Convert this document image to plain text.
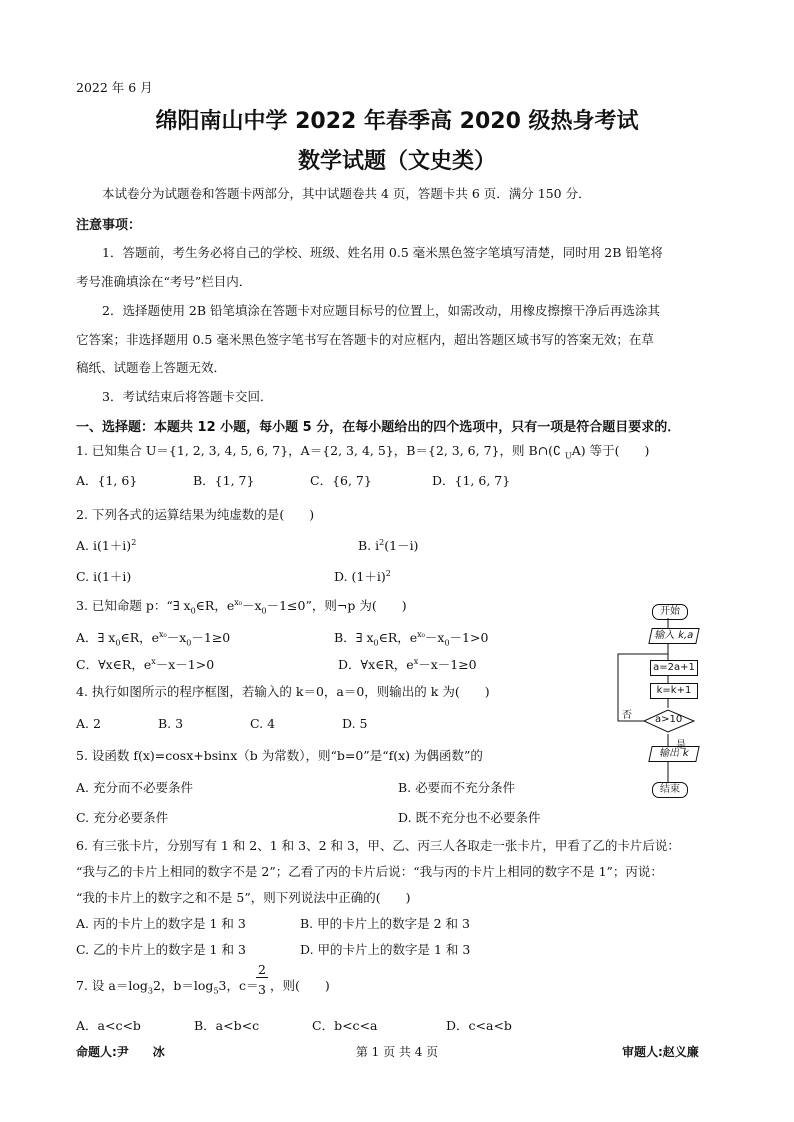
2022 年 6 月
绵阳南山中学 2022 年春季高 2020 级热身考试
数学试题（文史类）
本试卷分为试题卷和答题卡两部分，其中试题卷共 4 页，答题卡共 6 页．满分 150 分．
注意事项：
1．答题前，考生务必将自己的学校、班级、姓名用 0.5 毫米黑色签字笔填写清楚，同时用 2B 铅笔将
考号准确填涂在“考号”栏目内．
2．选择题使用 2B 铅笔填涂在答题卡对应题目标号的位置上，如需改动，用橡皮擦擦干净后再选涂其
它答案；非选择题用 0.5 毫米黑色签字笔书写在答题卡的对应框内，超出答题区域书写的答案无效；在草
稿纸、试题卷上答题无效．
3．考试结束后将答题卡交回．
一、选择题：本题共 12 小题，每小题 5 分，在每小题给出的四个选项中，只有一项是符合题目要求的．
1. 已知集合 U＝{1, 2, 3, 4, 5, 6, 7}，A＝{2, 3, 4, 5}，B＝{2, 3, 6, 7}，则 B∩(∁ $_U$A) 等于(　　)
A．{1, 6}	B．{1, 7}	C．{6, 7}	D．{1, 6, 7}
2. 下列各式的运算结果为纯虚数的是(　　)
A. $i(1+i)^2$	B. $i^2(1-i)$
C. i(1＋i)	D. $(1+i)^2$
3. 已知命题 p：“∃ $x_0\in R$，$e^{x_0}-x_0-1\le 0$”，则¬p 为(　　)
A．∃ $x_0\in R$，$e^{x_0}-x_0-1\ge 0$	B．∃ $x_0\in R$，$e^{x_0}-x_0-1>0$
C．∀x∈R，$e^x-x-1>0$	D．∀x∈R，$e^x-x-1\ge 0$
4. 执行如图所示的程序框图，若输入的 k＝0，a＝0，则输出的 k 为(　　)
A. 2	B. 3	C. 4	D. 5
开始
输入 k,a
a=2a+1
k=k+1
a>10
否
是
输出 k
结束
5. 设函数 f(x)=cosx+bsinx（b 为常数），则“b=0”是“f(x) 为偶函数”的
A. 充分而不必要条件	B. 必要而不充分条件
C. 充分必要条件	D. 既不充分也不必要条件
6. 有三张卡片，分别写有 1 和 2、1 和 3、2 和 3，甲、乙、丙三人各取走一张卡片，甲看了乙的卡片后说：
“我与乙的卡片上相同的数字不是 2”；乙看了丙的卡片后说：“我与丙的卡片上相同的数字不是 1”；丙说：
“我的卡片上的数字之和不是 5”，则下列说法中正确的(　　)
A. 丙的卡片上的数字是 1 和 3	B. 甲的卡片上的数字是 2 和 3
C. 乙的卡片上的数字是 1 和 3	D. 甲的卡片上的数字是 1 和 3
7. 设 $a=\log_32$，$b=\log_53$，c＝
2
3 ，则(　　)
A．a<c<b	B．a<b<c	C．b<c<a	D．c<a<b
命题人:尹　　冰	第 1 页 共 4 页	审题人:赵义廉
